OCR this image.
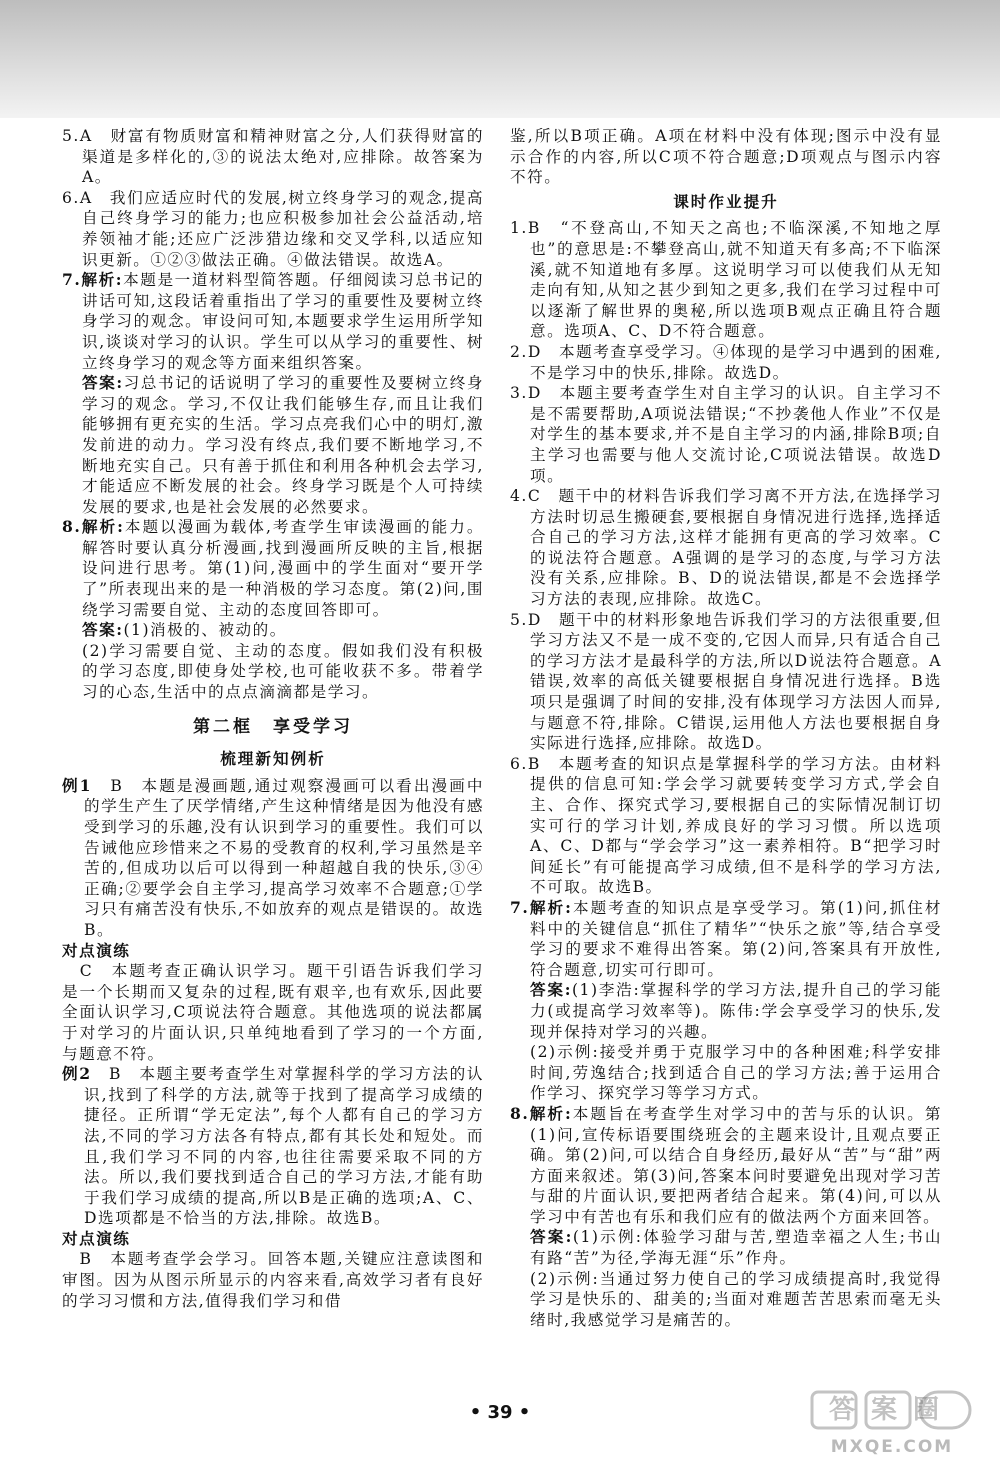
5.A　财富有物质财富和精神财富之分,人们获得财富的渠道是多样化的,③的说法太绝对,应排除。故答案为A。

6.A　我们应适应时代的发展,树立终身学习的观念,提高自己终身学习的能力;也应积极参加社会公益活动,培养领袖才能;还应广泛涉猎边缘和交叉学科,以适应知识更新。①②③做法正确。④做法错误。故选A。

7.解析:本题是一道材料型简答题。仔细阅读习总书记的讲话可知,这段话着重指出了学习的重要性及要树立终身学习的观念。审设问可知,本题要求学生运用所学知识,谈谈对学习的认识。学生可以从学习的重要性、树立终身学习的观念等方面来组织答案。

答案:习总书记的话说明了学习的重要性及要树立终身学习的观念。学习,不仅让我们能够生存,而且让我们能够拥有更充实的生活。学习点亮我们心中的明灯,激发前进的动力。学习没有终点,我们要不断地学习,不断地充实自己。只有善于抓住和利用各种机会去学习,才能适应不断发展的社会。终身学习既是个人可持续发展的要求,也是社会发展的必然要求。

8.解析:本题以漫画为载体,考查学生审读漫画的能力。解答时要认真分析漫画,找到漫画所反映的主旨,根据设问进行思考。第(1)问,漫画中的学生面对“要开学了”所表现出来的是一种消极的学习态度。第(2)问,围绕学习需要自觉、主动的态度回答即可。

答案:(1)消极的、被动的。

(2)学习需要自觉、主动的态度。假如我们没有积极的学习态度,即使身处学校,也可能收获不多。带着学习的心态,生活中的点点滴滴都是学习。

第二框　享受学习
梳理新知例析

例1　B　本题是漫画题,通过观察漫画可以看出漫画中的学生产生了厌学情绪,产生这种情绪是因为他没有感受到学习的乐趣,没有认识到学习的重要性。我们可以告诫他应珍惜来之不易的受教育的权利,学习虽然是辛苦的,但成功以后可以得到一种超越自我的快乐,③④正确;②要学会自主学习,提高学习效率不合题意;①学习只有痛苦没有快乐,不如放弃的观点是错误的。故选B。

对点演练

　C　本题考查正确认识学习。题干引语告诉我们学习是一个长期而又复杂的过程,既有艰辛,也有欢乐,因此要全面认识学习,C项说法符合题意。其他选项的说法都属于对学习的片面认识,只单纯地看到了学习的一个方面,与题意不符。

例2　B　本题主要考查学生对掌握科学的学习方法的认识,找到了科学的方法,就等于找到了提高学习成绩的捷径。正所谓“学无定法”,每个人都有自己的学习方法,不同的学习方法各有特点,都有其长处和短处。而且,我们学习不同的内容,也往往需要采取不同的方法。所以,我们要找到适合自己的学习方法,才能有助于我们学习成绩的提高,所以B是正确的选项;A、C、D选项都是不恰当的方法,排除。故选B。

对点演练

　B　本题考查学会学习。回答本题,关键应注意读图和审图。因为从图示所显示的内容来看,高效学习者有良好的学习习惯和方法,值得我们学习和借

鉴,所以B项正确。A项在材料中没有体现;图示中没有显示合作的内容,所以C项不符合题意;D项观点与图示内容不符。

课时作业提升

1.B　“不登高山,不知天之高也;不临深溪,不知地之厚也”的意思是:不攀登高山,就不知道天有多高;不下临深溪,就不知道地有多厚。这说明学习可以使我们从无知走向有知,从知之甚少到知之更多,我们在学习过程中可以逐渐了解世界的奥秘,所以选项B观点正确且符合题意。选项A、C、D不符合题意。

2.D　本题考查享受学习。④体现的是学习中遇到的困难,不是学习中的快乐,排除。故选D。

3.D　本题主要考查学生对自主学习的认识。自主学习不是不需要帮助,A项说法错误;“不抄袭他人作业”不仅是对学生的基本要求,并不是自主学习的内涵,排除B项;自主学习也需要与他人交流讨论,C项说法错误。故选D项。

4.C　题干中的材料告诉我们学习离不开方法,在选择学习方法时切忌生搬硬套,要根据自身情况进行选择,选择适合自己的学习方法,这样才能拥有更高的学习效率。C的说法符合题意。A强调的是学习的态度,与学习方法没有关系,应排除。B、D的说法错误,都是不会选择学习方法的表现,应排除。故选C。

5.D　题干中的材料形象地告诉我们学习的方法很重要,但学习方法又不是一成不变的,它因人而异,只有适合自己的学习方法才是最科学的方法,所以D说法符合题意。A错误,效率的高低关键要根据自身情况进行选择。B选项只是强调了时间的安排,没有体现学习方法因人而异,与题意不符,排除。C错误,运用他人方法也要根据自身实际进行选择,应排除。故选D。

6.B　本题考查的知识点是掌握科学的学习方法。由材料提供的信息可知:学会学习就要转变学习方式,学会自主、合作、探究式学习,要根据自己的实际情况制订切实可行的学习计划,养成良好的学习习惯。所以选项A、C、D都与“学会学习”这一素养相符。B“把学习时间延长”有可能提高学习成绩,但不是科学的学习方法,不可取。故选B。

7.解析:本题考查的知识点是享受学习。第(1)问,抓住材料中的关键信息“抓住了精华”“快乐之旅”等,结合享受学习的要求不难得出答案。第(2)问,答案具有开放性,符合题意,切实可行即可。

答案:(1)李浩:掌握科学的学习方法,提升自己的学习能力(或提高学习效率等)。陈伟:学会享受学习的快乐,发现并保持对学习的兴趣。

(2)示例:接受并勇于克服学习中的各种困难;科学安排时间,劳逸结合;找到适合自己的学习方法;善于运用合作学习、探究学习等学习方式。

8.解析:本题旨在考查学生对学习中的苦与乐的认识。第(1)问,宣传标语要围绕班会的主题来设计,且观点要正确。第(2)问,可以结合自身经历,最好从“苦”与“甜”两方面来叙述。第(3)问,答案本问时要避免出现对学习苦与甜的片面认识,要把两者结合起来。第(4)问,可以从学习中有苦也有乐和我们应有的做法两个方面来回答。

答案:(1)示例:体验学习甜与苦,塑造幸福之人生;书山有路“苦”为径,学海无涯“乐”作舟。

(2)示例:当通过努力使自己的学习成绩提高时,我觉得学习是快乐的、甜美的;当面对难题苦苦思索而毫无头绪时,我感觉学习是痛苦的。

• 39 •	答案圈
MXQE.COM
